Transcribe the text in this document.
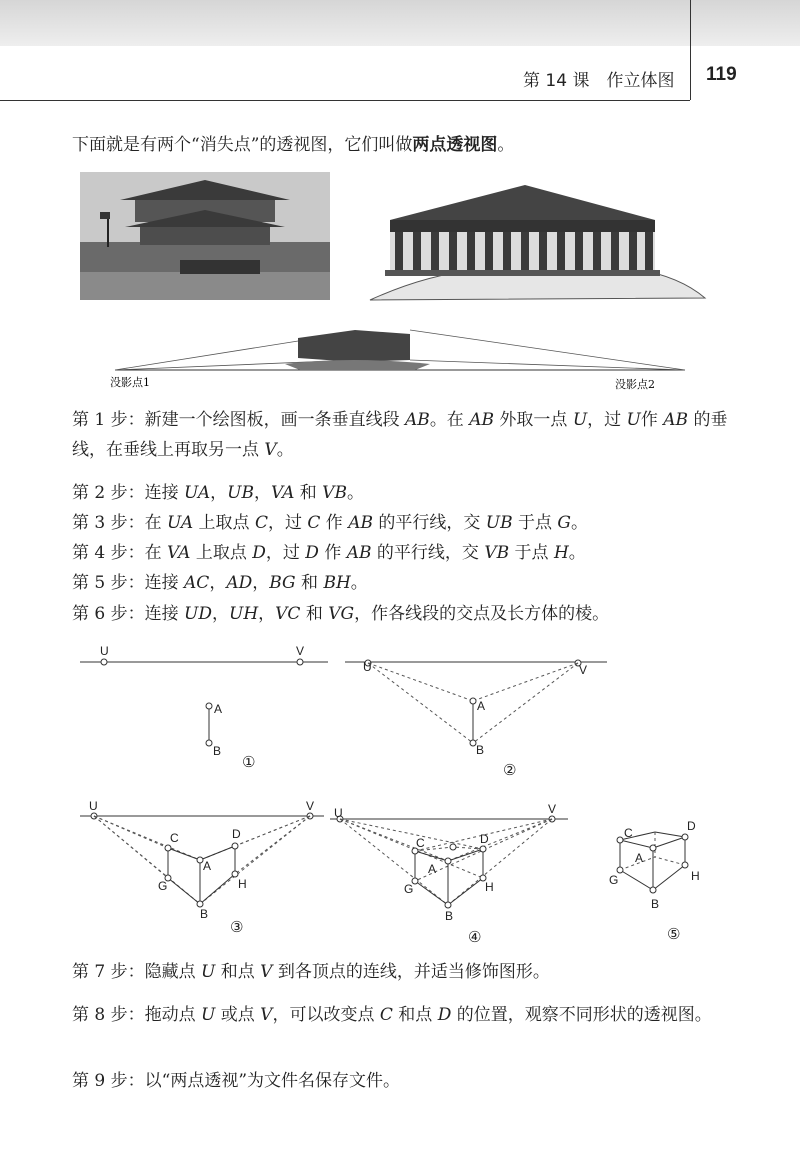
第 14 课　作立体图 119
下面就是有两个“消失点”的透视图，它们叫做两点透视图。
没影点1	没影点2
第 1 步：新建一个绘图板，画一条垂直线段 AB。在 AB 外取一点 U，过 U作 AB 的垂线，在垂线上再取另一点 V。
第 2 步：连接 UA，UB，VA 和 VB。
第 3 步：在 UA 上取点 C，过 C 作 AB 的平行线，交 UB 于点 G。
第 4 步：在 VA 上取点 D，过 D 作 AB 的平行线，交 VB 于点 H。
第 5 步：连接 AC，AD，BG 和 BH。
第 6 步：连接 UD，UH，VC 和 VG，作各线段的交点及长方体的棱。
U	V
A
B
①
U	V
A
B
②
U	V
C	D
A
G	H
B
③
U	V
C	D
A
G	H
B
④
C	D
A
G	H
B
⑤
第 7 步：隐藏点 U 和点 V 到各顶点的连线，并适当修饰图形。
第 8 步：拖动点 U 或点 V，可以改变点 C 和点 D 的位置，观察不同形状的透视图。
第 9 步：以“两点透视”为文件名保存文件。
